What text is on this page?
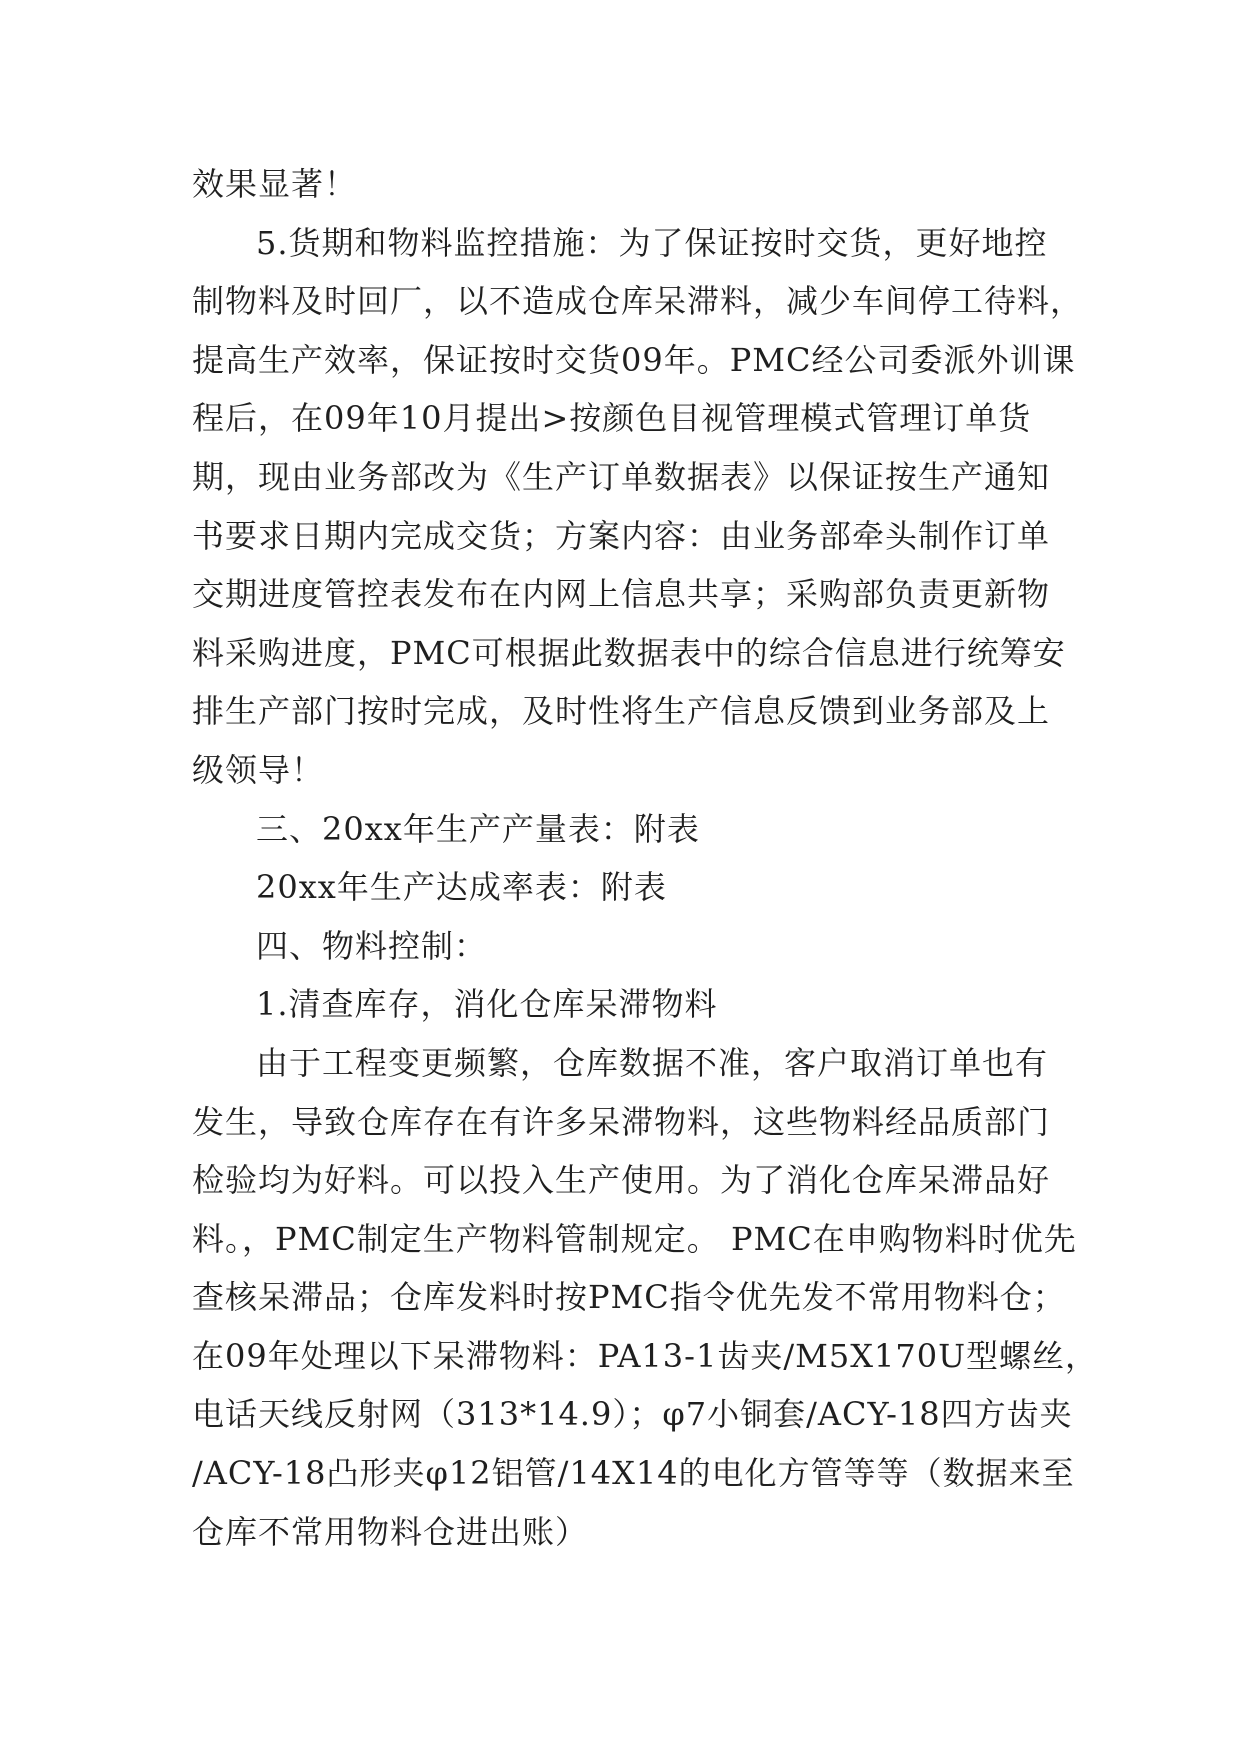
效果显著！
5.货期和物料监控措施：为了保证按时交货，更好地控
制物料及时回厂，以不造成仓库呆滞料，减少车间停工待料，
提高生产效率，保证按时交货09年。PMC经公司委派外训课
程后，在09年10月提出>按颜色目视管理模式管理订单货
期，现由业务部改为《生产订单数据表》以保证按生产通知
书要求日期内完成交货；方案内容：由业务部牵头制作订单
交期进度管控表发布在内网上信息共享；采购部负责更新物
料采购进度，PMC可根据此数据表中的综合信息进行统筹安
排生产部门按时完成，及时性将生产信息反馈到业务部及上
级领导！
三、20xx年生产产量表：附表
20xx年生产达成率表：附表
四、物料控制：
1.清查库存，消化仓库呆滞物料
由于工程变更频繁，仓库数据不准，客户取消订单也有
发生，导致仓库存在有许多呆滞物料，这些物料经品质部门
检验均为好料。可以投入生产使用。为了消化仓库呆滞品好
料。，PMC制定生产物料管制规定。 PMC在申购物料时优先
查核呆滞品；仓库发料时按PMC指令优先发不常用物料仓；
在09年处理以下呆滞物料：PA13-1齿夹/M5X170U型螺丝，
电话天线反射网（313*14.9）；φ7小铜套/ACY-18四方齿夹
/ACY-18凸形夹φ12铝管/14X14的电化方管等等（数据来至
仓库不常用物料仓进出账）
